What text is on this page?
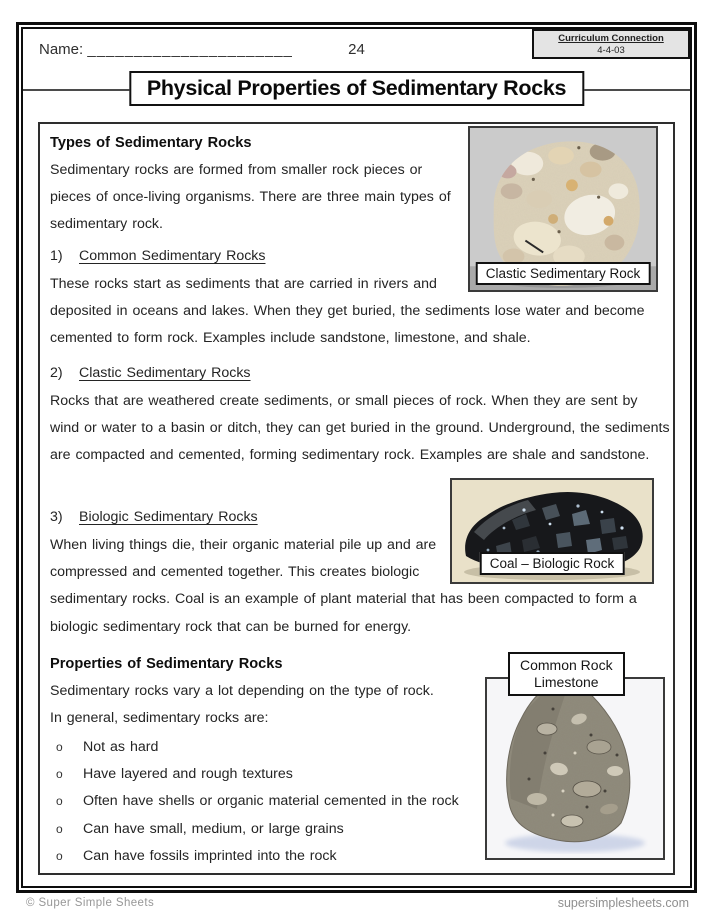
Name: ______________________	24
Curriculum Connection
4-4-03
Physical Properties of Sedimentary Rocks
Types of Sedimentary Rocks
Sedimentary rocks are formed from smaller rock pieces or pieces of once-living organisms. There are three main types of sedimentary rock.
1) Common Sedimentary Rocks
These rocks start as sediments that are carried in rivers and deposited in oceans and lakes. When they get buried, the sediments lose water and become cemented to form rock. Examples include sandstone, limestone, and shale.
2) Clastic Sedimentary Rocks
Rocks that are weathered create sediments, or small pieces of rock. When they are sent by wind or water to a basin or ditch, they can get buried in the ground. Underground, the sediments are compacted and cemented, forming sedimentary rock. Examples are shale and sandstone.
3) Biologic Sedimentary Rocks
When living things die, their organic material pile up and are compressed and cemented together. This creates biologic sedimentary rocks. Coal is an example of plant material that has been compacted to form a biologic sedimentary rock that can be burned for energy.
Properties of Sedimentary Rocks
Sedimentary rocks vary a lot depending on the type of rock.
In general, sedimentary rocks are:
o	Not as hard
o	Have layered and rough textures
o	Often have shells or organic material cemented in the rock
o	Can have small, medium, or large grains
o	Can have fossils imprinted into the rock
Clastic Sedimentary Rock
Coal – Biologic Rock
Common Rock
Limestone
© Super Simple Sheets	supersimplesheets.com
